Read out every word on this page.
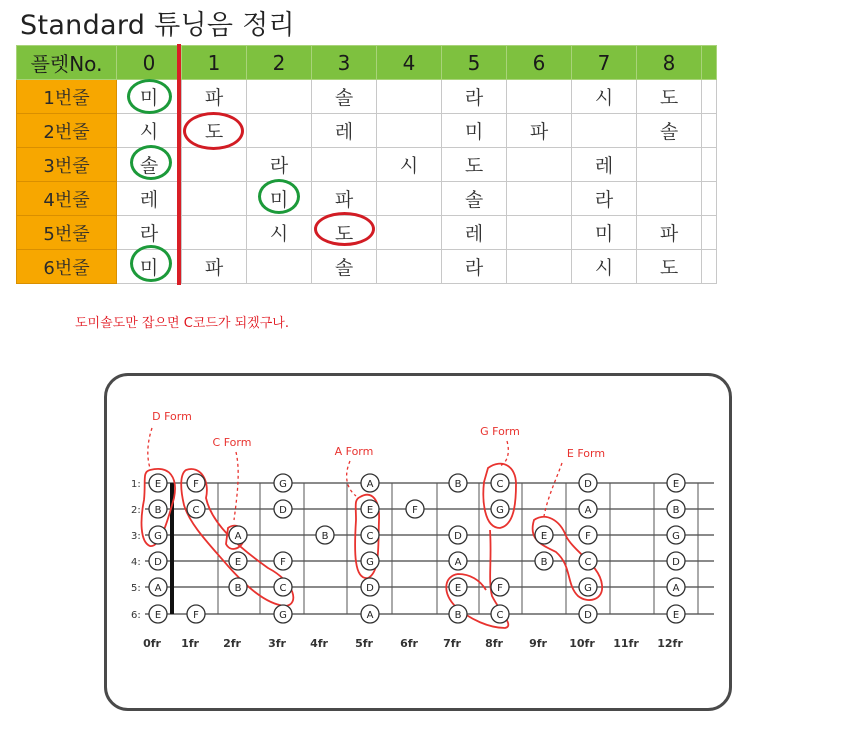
Standard 튜닝음 정리
플렛No.	0	1	2	3	4	5	6	7	8	
1번줄	미	파		솔		라		시	도	
2번줄	시	도		레		미	파		솔	
3번줄	솔		라		시	도		레		
4번줄	레		미	파		솔		라		
5번줄	라		시	도		레		미	파	
6번줄	미	파		솔		라		시	도	
도미솔도만 잡으면 C코드가 되겠구나.
E	F	G	A	B	C	D	E
B	C	D	E	F	G	A	B
G	A	B	C	D	E	F	G
D	E	F	G	A	B	C	D
A	B	C	D	E	F	G	A
E	F	G	A	B	C	D	E
1:
2:
3:
4:
5:
6:
0fr 1fr 2fr 3fr 4fr 5fr 6fr 7fr 8fr 9fr 10fr 11fr 12fr
D Form
C Form
A Form
G Form
E Form
